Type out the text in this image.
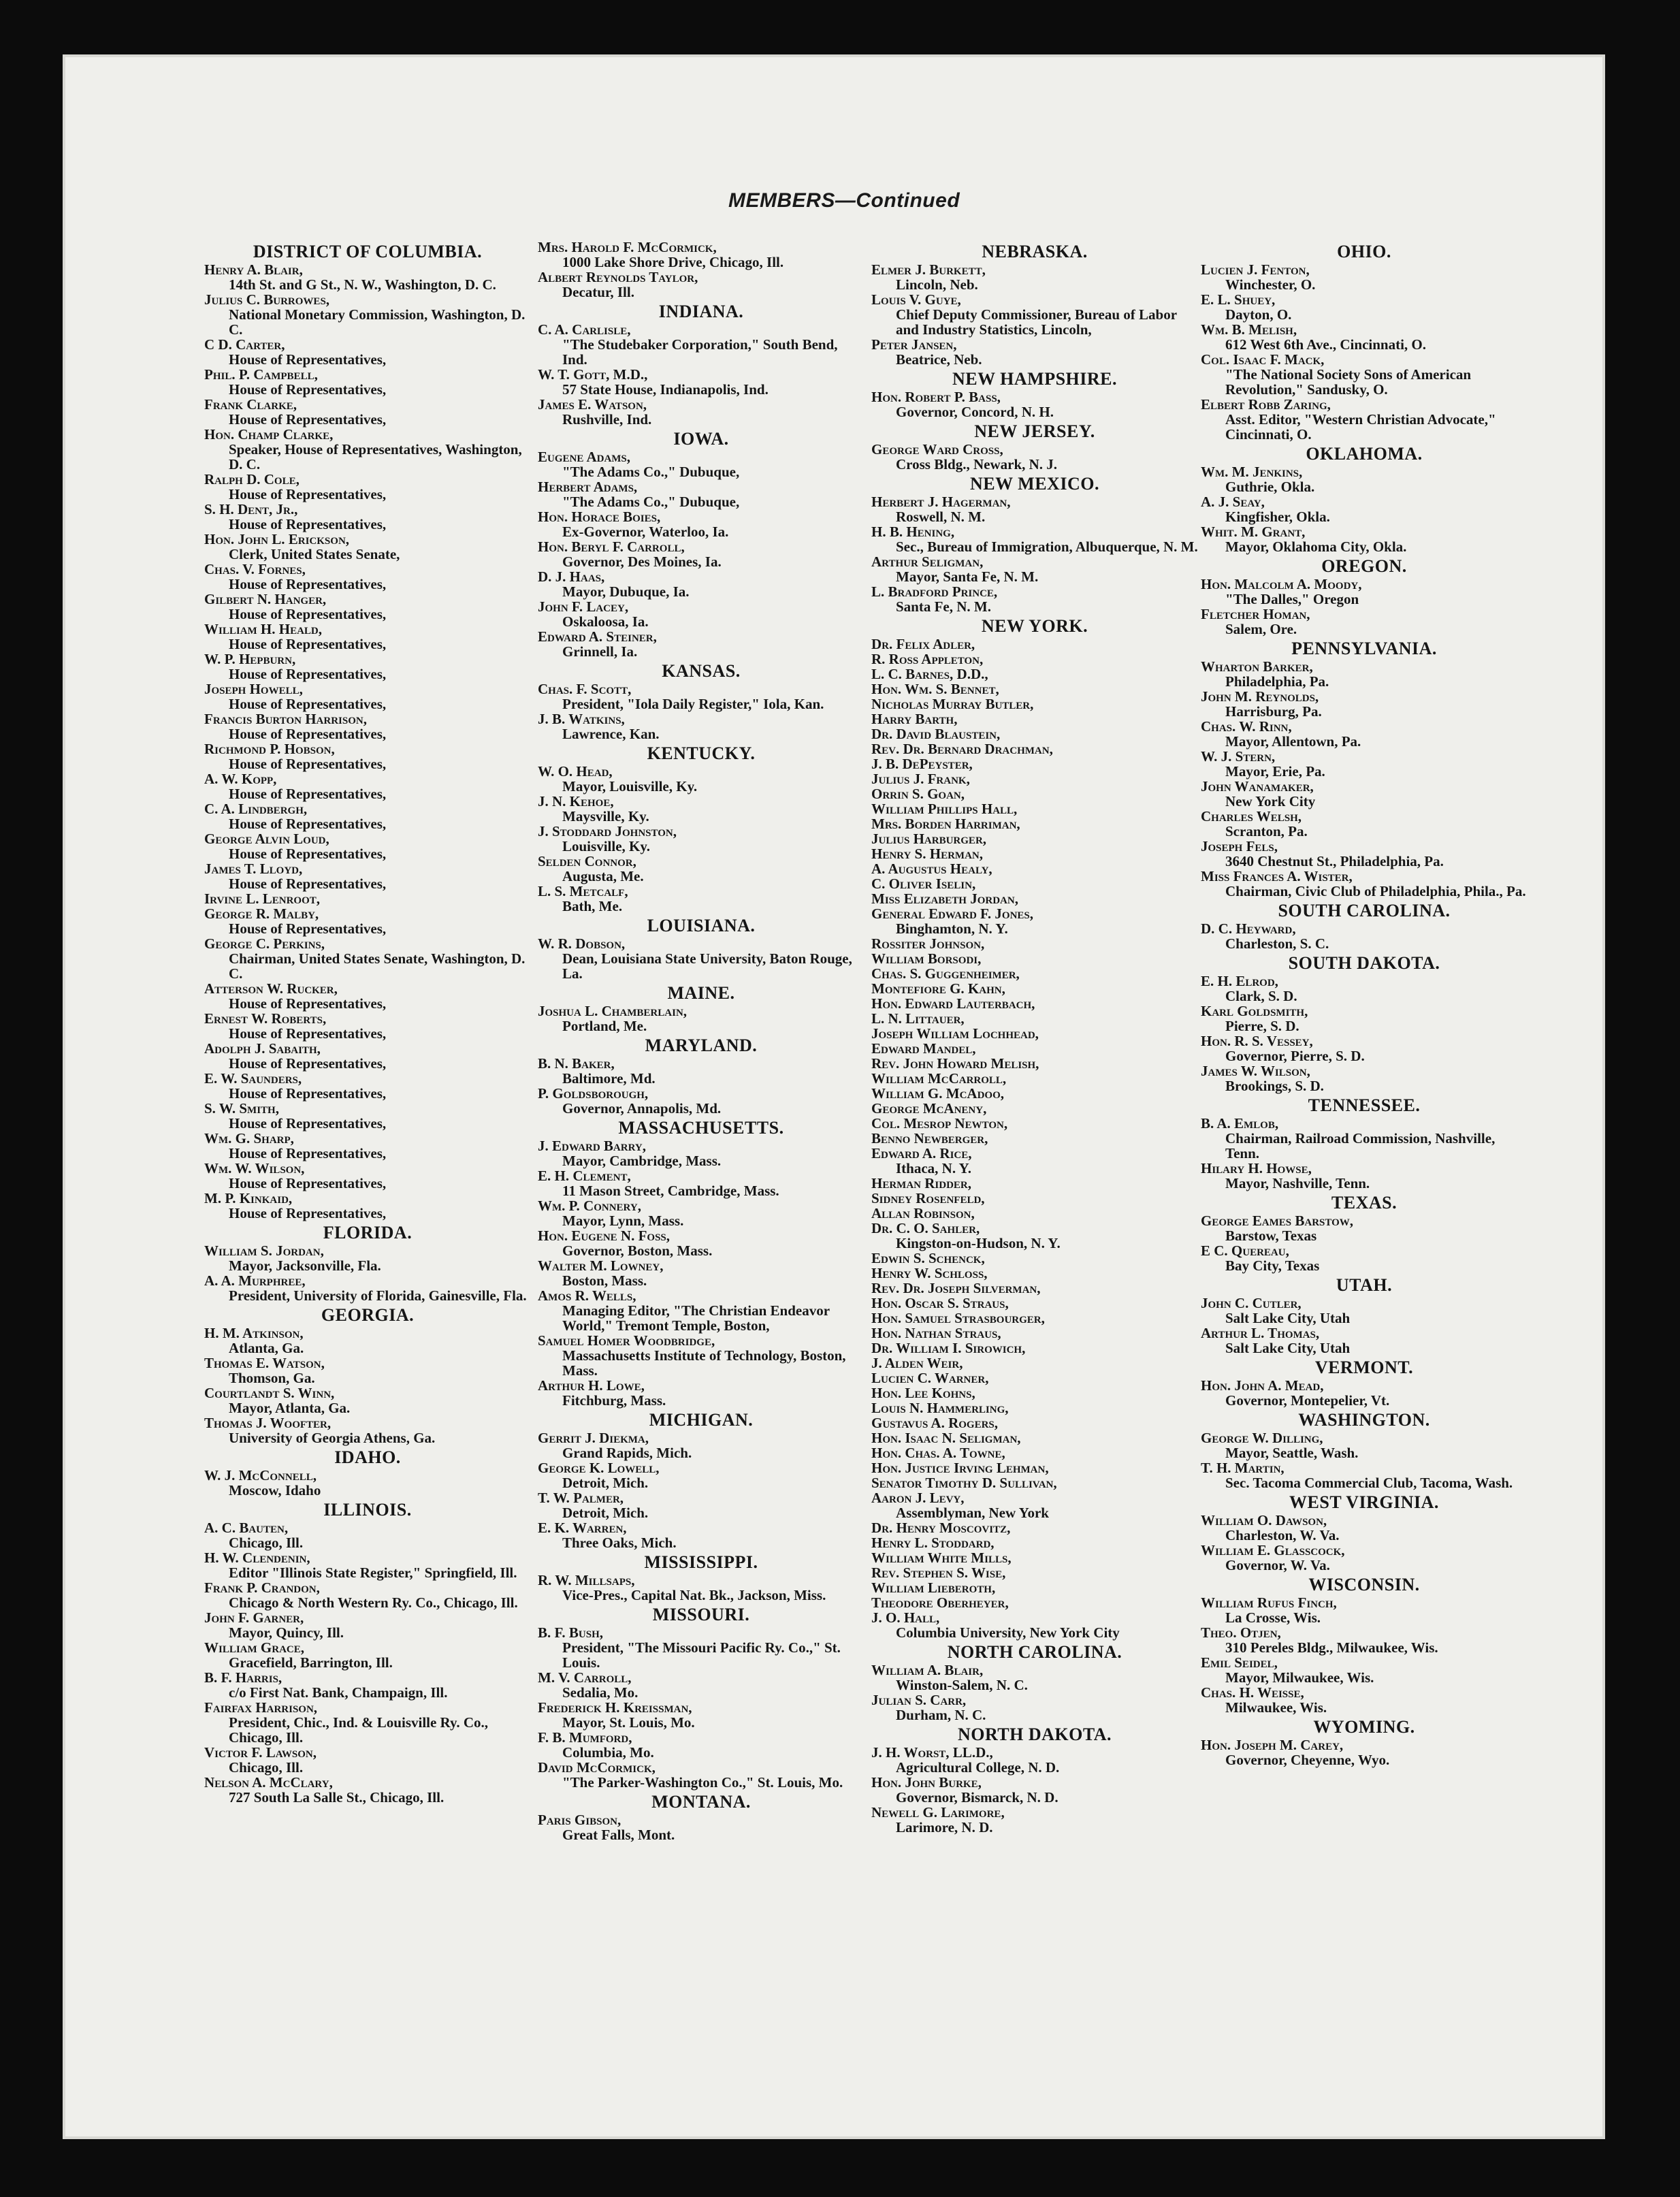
MEMBERS—Continued
DISTRICT OF COLUMBIA.
Henry A. Blair,
14th St. and G St., N. W., Washington, D. C.
Julius C. Burrowes,
National Monetary Commission, Washington, D. C.
C D. Carter,
House of Representatives,
Phil. P. Campbell,
House of Representatives,
Frank Clarke,
House of Representatives,
Hon. Champ Clarke,
Speaker, House of Representatives, Washington, D. C.
Ralph D. Cole,
House of Representatives,
S. H. Dent, Jr.,
House of Representatives,
Hon. John L. Erickson,
Clerk, United States Senate,
Chas. V. Fornes,
House of Representatives,
Gilbert N. Hanger,
House of Representatives,
William H. Heald,
House of Representatives,
W. P. Hepburn,
House of Representatives,
Joseph Howell,
House of Representatives,
Francis Burton Harrison,
House of Representatives,
Richmond P. Hobson,
House of Representatives,
A. W. Kopp,
House of Representatives,
C. A. Lindbergh,
House of Representatives,
George Alvin Loud,
House of Representatives,
James T. Lloyd,
House of Representatives,
Irvine L. Lenroot,
George R. Malby,
House of Representatives,
George C. Perkins,
Chairman, United States Senate, Washington, D. C.
Atterson W. Rucker,
House of Representatives,
Ernest W. Roberts,
House of Representatives,
Adolph J. Sabaith,
House of Representatives,
E. W. Saunders,
House of Representatives,
S. W. Smith,
House of Representatives,
Wm. G. Sharp,
House of Representatives,
Wm. W. Wilson,
House of Representatives,
M. P. Kinkaid,
House of Representatives,
FLORIDA.
William S. Jordan,
Mayor, Jacksonville, Fla.
A. A. Murphree,
President, University of Florida, Gainesville, Fla.
GEORGIA.
H. M. Atkinson,
Atlanta, Ga.
Thomas E. Watson,
Thomson, Ga.
Courtlandt S. Winn,
Mayor, Atlanta, Ga.
Thomas J. Woofter,
University of Georgia Athens, Ga.
IDAHO.
W. J. McConnell,
Moscow, Idaho
ILLINOIS.
A. C. Bauten,
Chicago, Ill.
H. W. Clendenin,
Editor "Illinois State Register," Springfield, Ill.
Frank P. Crandon,
Chicago & North Western Ry. Co., Chicago, Ill.
John F. Garner,
Mayor, Quincy, Ill.
William Grace,
Gracefield, Barrington, Ill.
B. F. Harris,
c/o First Nat. Bank, Champaign, Ill.
Fairfax Harrison,
President, Chic., Ind. & Louisville Ry. Co., Chicago, Ill.
Victor F. Lawson,
Chicago, Ill.
Nelson A. McClary,
727 South La Salle St., Chicago, Ill.
Mrs. Harold F. McCormick,
1000 Lake Shore Drive, Chicago, Ill.
Albert Reynolds Taylor,
Decatur, Ill.
INDIANA.
C. A. Carlisle,
"The Studebaker Corporation," South Bend, Ind.
W. T. Gott, M.D.,
57 State House, Indianapolis, Ind.
James E. Watson,
Rushville, Ind.
IOWA.
Eugene Adams,
"The Adams Co.," Dubuque,
Herbert Adams,
"The Adams Co.," Dubuque,
Hon. Horace Boies,
Ex-Governor, Waterloo, Ia.
Hon. Beryl F. Carroll,
Governor, Des Moines, Ia.
D. J. Haas,
Mayor, Dubuque, Ia.
John F. Lacey,
Oskaloosa, Ia.
Edward A. Steiner,
Grinnell, Ia.
KANSAS.
Chas. F. Scott,
President, "Iola Daily Register," Iola, Kan.
J. B. Watkins,
Lawrence, Kan.
KENTUCKY.
W. O. Head,
Mayor, Louisville, Ky.
J. N. Kehoe,
Maysville, Ky.
J. Stoddard Johnston,
Louisville, Ky.
Selden Connor,
Augusta, Me.
L. S. Metcalf,
Bath, Me.
LOUISIANA.
W. R. Dobson,
Dean, Louisiana State University, Baton Rouge, La.
MAINE.
Joshua L. Chamberlain,
Portland, Me.
MARYLAND.
B. N. Baker,
Baltimore, Md.
P. Goldsborough,
Governor, Annapolis, Md.
MASSACHUSETTS.
J. Edward Barry,
Mayor, Cambridge, Mass.
E. H. Clement,
11 Mason Street, Cambridge, Mass.
Wm. P. Connery,
Mayor, Lynn, Mass.
Hon. Eugene N. Foss,
Governor, Boston, Mass.
Walter M. Lowney,
Boston, Mass.
Amos R. Wells,
Managing Editor, "The Christian Endeavor World," Tremont Temple, Boston,
Samuel Homer Woodbridge,
Massachusetts Institute of Technology, Boston, Mass.
Arthur H. Lowe,
Fitchburg, Mass.
MICHIGAN.
Gerrit J. Diekma,
Grand Rapids, Mich.
George K. Lowell,
Detroit, Mich.
T. W. Palmer,
Detroit, Mich.
E. K. Warren,
Three Oaks, Mich.
MISSISSIPPI.
R. W. Millsaps,
Vice-Pres., Capital Nat. Bk., Jackson, Miss.
MISSOURI.
B. F. Bush,
President, "The Missouri Pacific Ry. Co.," St. Louis.
M. V. Carroll,
Sedalia, Mo.
Frederick H. Kreissman,
Mayor, St. Louis, Mo.
F. B. Mumford,
Columbia, Mo.
David McCormick,
"The Parker-Washington Co.," St. Louis, Mo.
MONTANA.
Paris Gibson,
Great Falls, Mont.
NEBRASKA.
Elmer J. Burkett,
Lincoln, Neb.
Louis V. Guye,
Chief Deputy Commissioner, Bureau of Labor and Industry Statistics, Lincoln,
Peter Jansen,
Beatrice, Neb.
NEW HAMPSHIRE.
Hon. Robert P. Bass,
Governor, Concord, N. H.
NEW JERSEY.
George Ward Cross,
Cross Bldg., Newark, N. J.
NEW MEXICO.
Herbert J. Hagerman,
Roswell, N. M.
H. B. Hening,
Sec., Bureau of Immigration, Albuquerque, N. M.
Arthur Seligman,
Mayor, Santa Fe, N. M.
L. Bradford Prince,
Santa Fe, N. M.
NEW YORK.
Dr. Felix Adler,
R. Ross Appleton,
L. C. Barnes, D.D.,
Hon. Wm. S. Bennet,
Nicholas Murray Butler,
Harry Barth,
Dr. David Blaustein,
Rev. Dr. Bernard Drachman,
J. B. DePeyster,
Julius J. Frank,
Orrin S. Goan,
William Phillips Hall,
Mrs. Borden Harriman,
Julius Harburger,
Henry S. Herman,
A. Augustus Healy,
C. Oliver Iselin,
Miss Elizabeth Jordan,
General Edward F. Jones,
Binghamton, N. Y.
Rossiter Johnson,
William Borsodi,
Chas. S. Guggenheimer,
Montefiore G. Kahn,
Hon. Edward Lauterbach,
L. N. Littauer,
Joseph William Lochhead,
Edward Mandel,
Rev. John Howard Melish,
William McCarroll,
William G. McAdoo,
George McAneny,
Col. Mesrop Newton,
Benno Newberger,
Edward A. Rice,
Ithaca, N. Y.
Herman Ridder,
Sidney Rosenfeld,
Allan Robinson,
Dr. C. O. Sahler,
Kingston-on-Hudson, N. Y.
Edwin S. Schenck,
Henry W. Schloss,
Rev. Dr. Joseph Silverman,
Hon. Oscar S. Straus,
Hon. Samuel Strasbourger,
Hon. Nathan Straus,
Dr. William I. Sirowich,
J. Alden Weir,
Lucien C. Warner,
Hon. Lee Kohns,
Louis N. Hammerling,
Gustavus A. Rogers,
Hon. Isaac N. Seligman,
Hon. Chas. A. Towne,
Hon. Justice Irving Lehman,
Senator Timothy D. Sullivan,
Aaron J. Levy,
Assemblyman, New York
Dr. Henry Moscovitz,
Henry L. Stoddard,
William White Mills,
Rev. Stephen S. Wise,
William Lieberoth,
Theodore Oberheyer,
J. O. Hall,
Columbia University, New York City
NORTH CAROLINA.
William A. Blair,
Winston-Salem, N. C.
Julian S. Carr,
Durham, N. C.
NORTH DAKOTA.
J. H. Worst, LL.D.,
Agricultural College, N. D.
Hon. John Burke,
Governor, Bismarck, N. D.
Newell G. Larimore,
Larimore, N. D.
OHIO.
Lucien J. Fenton,
Winchester, O.
E. L. Shuey,
Dayton, O.
Wm. B. Melish,
612 West 6th Ave., Cincinnati, O.
Col. Isaac F. Mack,
"The National Society Sons of American Revolution," Sandusky, O.
Elbert Robb Zaring,
Asst. Editor, "Western Christian Advocate," Cincinnati, O.
OKLAHOMA.
Wm. M. Jenkins,
Guthrie, Okla.
A. J. Seay,
Kingfisher, Okla.
Whit. M. Grant,
Mayor, Oklahoma City, Okla.
OREGON.
Hon. Malcolm A. Moody,
"The Dalles," Oregon
Fletcher Homan,
Salem, Ore.
PENNSYLVANIA.
Wharton Barker,
Philadelphia, Pa.
John M. Reynolds,
Harrisburg, Pa.
Chas. W. Rinn,
Mayor, Allentown, Pa.
W. J. Stern,
Mayor, Erie, Pa.
John Wanamaker,
New York City
Charles Welsh,
Scranton, Pa.
Joseph Fels,
3640 Chestnut St., Philadelphia, Pa.
Miss Frances A. Wister,
Chairman, Civic Club of Philadelphia, Phila., Pa.
SOUTH CAROLINA.
D. C. Heyward,
Charleston, S. C.
SOUTH DAKOTA.
E. H. Elrod,
Clark, S. D.
Karl Goldsmith,
Pierre, S. D.
Hon. R. S. Vessey,
Governor, Pierre, S. D.
James W. Wilson,
Brookings, S. D.
TENNESSEE.
B. A. Emlob,
Chairman, Railroad Commission, Nashville, Tenn.
Hilary H. Howse,
Mayor, Nashville, Tenn.
TEXAS.
George Eames Barstow,
Barstow, Texas
E C. Quereau,
Bay City, Texas
UTAH.
John C. Cutler,
Salt Lake City, Utah
Arthur L. Thomas,
Salt Lake City, Utah
VERMONT.
Hon. John A. Mead,
Governor, Montepelier, Vt.
WASHINGTON.
George W. Dilling,
Mayor, Seattle, Wash.
T. H. Martin,
Sec. Tacoma Commercial Club, Tacoma, Wash.
WEST VIRGINIA.
William O. Dawson,
Charleston, W. Va.
William E. Glasscock,
Governor, W. Va.
WISCONSIN.
William Rufus Finch,
La Crosse, Wis.
Theo. Otjen,
310 Pereles Bldg., Milwaukee, Wis.
Emil Seidel,
Mayor, Milwaukee, Wis.
Chas. H. Weisse,
Milwaukee, Wis.
WYOMING.
Hon. Joseph M. Carey,
Governor, Cheyenne, Wyo.
